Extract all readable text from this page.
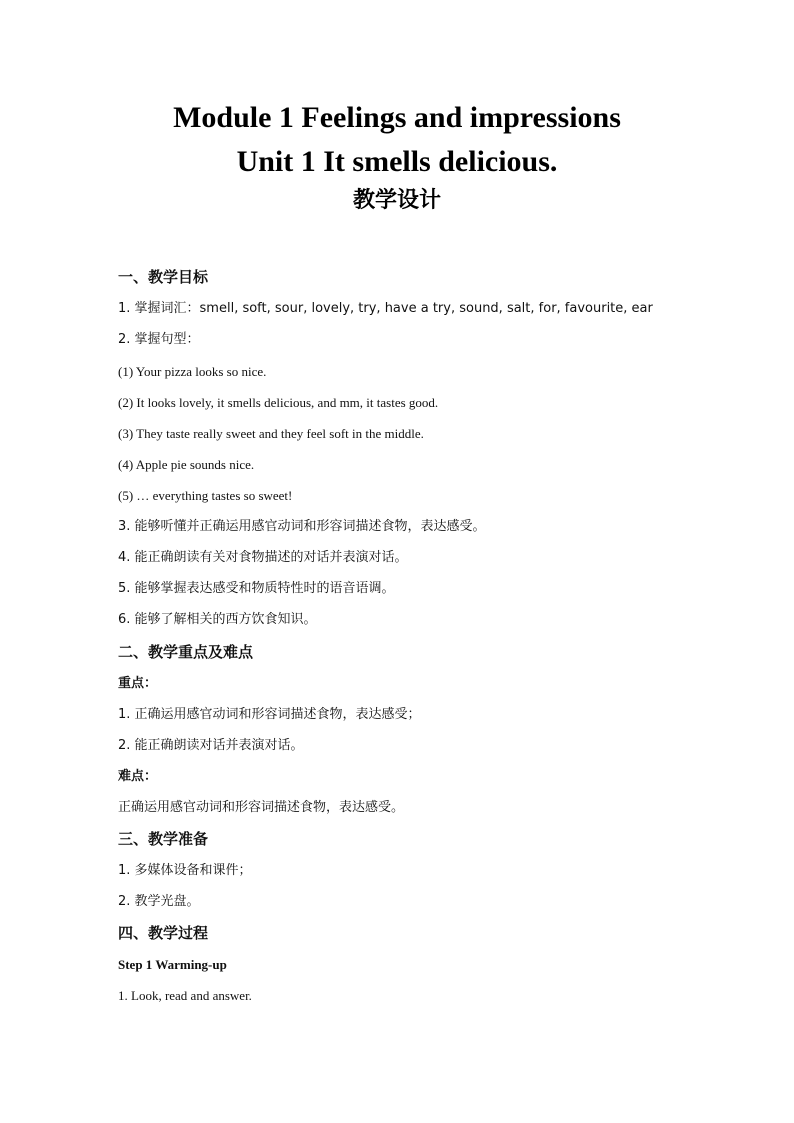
Module 1 Feelings and impressions
Unit 1 It smells delicious.
教学设计
一、教学目标
1. 掌握词汇：smell, soft, sour, lovely, try, have a try, sound, salt, for, favourite, ear
2. 掌握句型：
(1) Your pizza looks so nice.
(2) It looks lovely, it smells delicious, and mm, it tastes good.
(3) They taste really sweet and they feel soft in the middle.
(4) Apple pie sounds nice.
(5) … everything tastes so sweet!
3. 能够听懂并正确运用感官动词和形容词描述食物，表达感受。
4. 能正确朗读有关对食物描述的对话并表演对话。
5. 能够掌握表达感受和物质特性时的语音语调。
6. 能够了解相关的西方饮食知识。
二、教学重点及难点
重点：
1. 正确运用感官动词和形容词描述食物，表达感受；
2. 能正确朗读对话并表演对话。
难点：
正确运用感官动词和形容词描述食物，表达感受。
三、教学准备
1. 多媒体设备和课件；
2. 教学光盘。
四、教学过程
Step 1 Warming-up
1. Look, read and answer.
